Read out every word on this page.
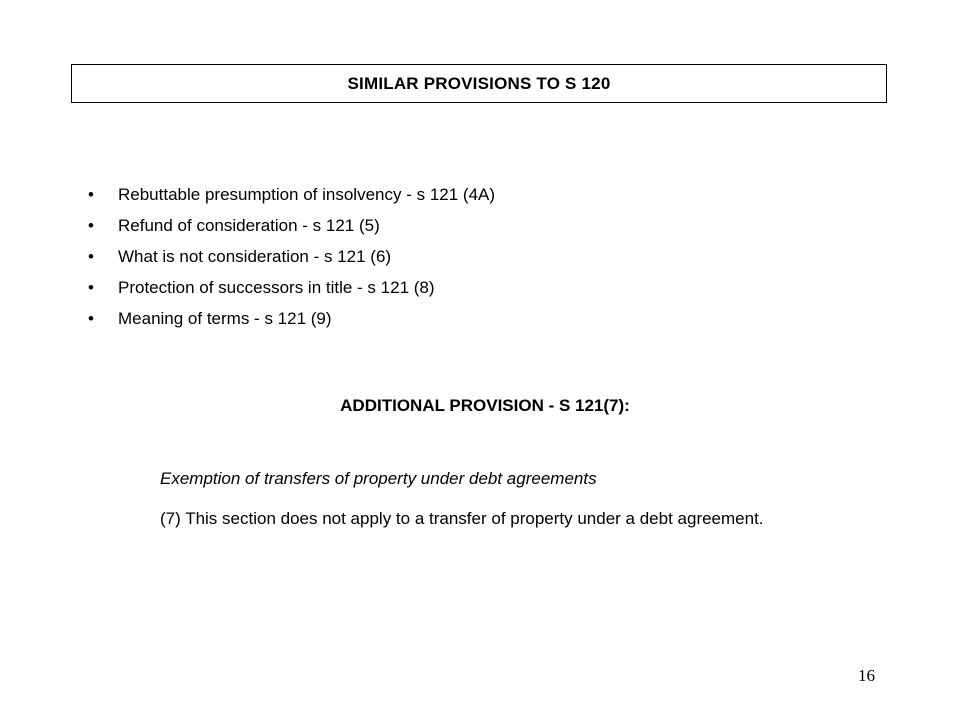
SIMILAR PROVISIONS TO S 120
•	Rebuttable presumption of insolvency - s 121 (4A)
•	Refund of consideration - s 121 (5)
•	What is not consideration - s 121 (6)
•	Protection of successors in title - s 121 (8)
•	Meaning of terms - s 121 (9)
ADDITIONAL PROVISION - S 121(7):
Exemption of transfers of property under debt agreements
(7) This section does not apply to a transfer of property under a debt agreement.
16
